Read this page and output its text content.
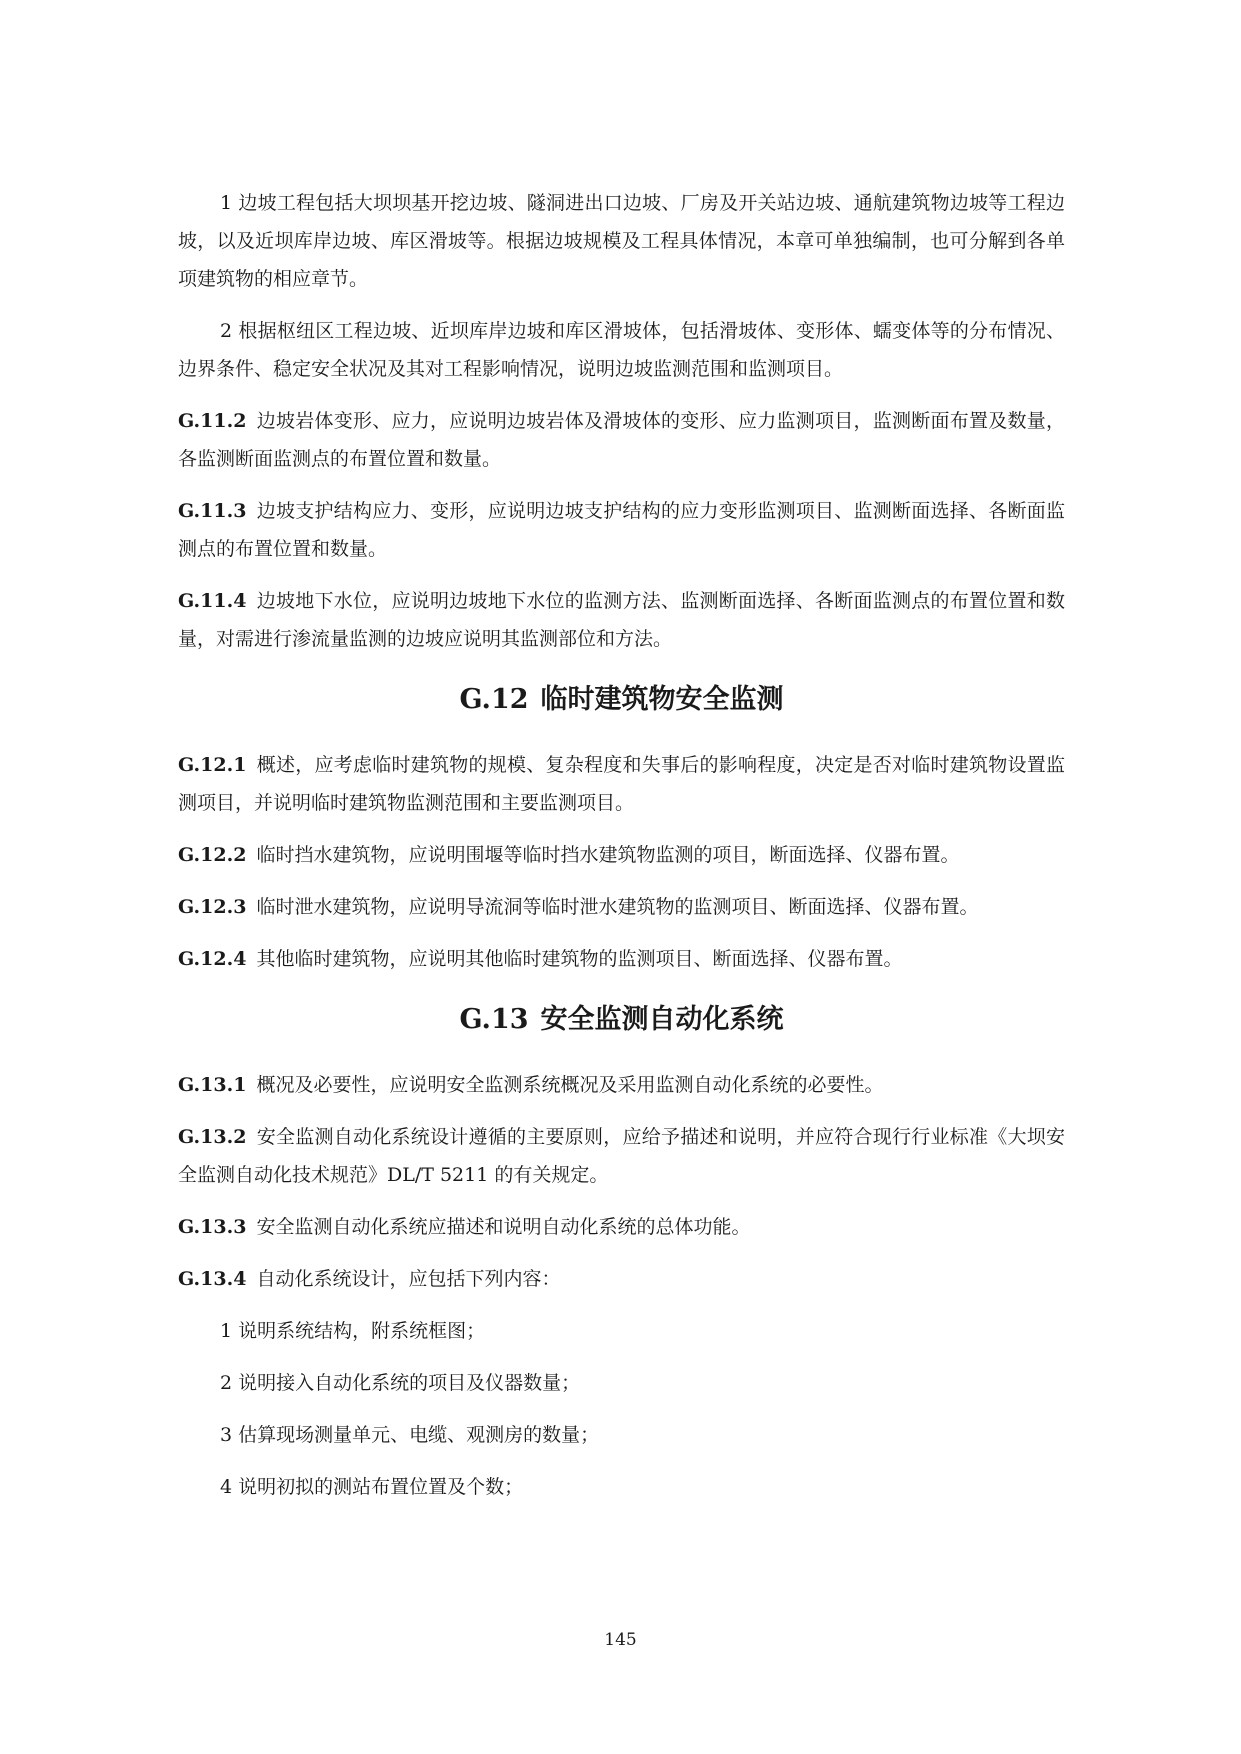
1 边坡工程包括大坝坝基开挖边坡、隧洞进出口边坡、厂房及开关站边坡、通航建筑物边坡等工程边坡，以及近坝库岸边坡、库区滑坡等。根据边坡规模及工程具体情况，本章可单独编制，也可分解到各单项建筑物的相应章节。

2 根据枢纽区工程边坡、近坝库岸边坡和库区滑坡体，包括滑坡体、变形体、蠕变体等的分布情况、边界条件、稳定安全状况及其对工程影响情况，说明边坡监测范围和监测项目。

G.11.2 边坡岩体变形、应力，应说明边坡岩体及滑坡体的变形、应力监测项目，监测断面布置及数量，各监测断面监测点的布置位置和数量。

G.11.3 边坡支护结构应力、变形，应说明边坡支护结构的应力变形监测项目、监测断面选择、各断面监测点的布置位置和数量。

G.11.4 边坡地下水位，应说明边坡地下水位的监测方法、监测断面选择、各断面监测点的布置位置和数量，对需进行渗流量监测的边坡应说明其监测部位和方法。

G.12 临时建筑物安全监测

G.12.1 概述，应考虑临时建筑物的规模、复杂程度和失事后的影响程度，决定是否对临时建筑物设置监测项目，并说明临时建筑物监测范围和主要监测项目。

G.12.2 临时挡水建筑物，应说明围堰等临时挡水建筑物监测的项目，断面选择、仪器布置。

G.12.3 临时泄水建筑物，应说明导流洞等临时泄水建筑物的监测项目、断面选择、仪器布置。

G.12.4 其他临时建筑物，应说明其他临时建筑物的监测项目、断面选择、仪器布置。

G.13 安全监测自动化系统

G.13.1 概况及必要性，应说明安全监测系统概况及采用监测自动化系统的必要性。

G.13.2 安全监测自动化系统设计遵循的主要原则，应给予描述和说明，并应符合现行行业标准《大坝安全监测自动化技术规范》DL/T 5211 的有关规定。

G.13.3 安全监测自动化系统应描述和说明自动化系统的总体功能。

G.13.4 自动化系统设计，应包括下列内容：

1 说明系统结构，附系统框图；
2 说明接入自动化系统的项目及仪器数量；
3 估算现场测量单元、电缆、观测房的数量；
4 说明初拟的测站布置位置及个数；
145
